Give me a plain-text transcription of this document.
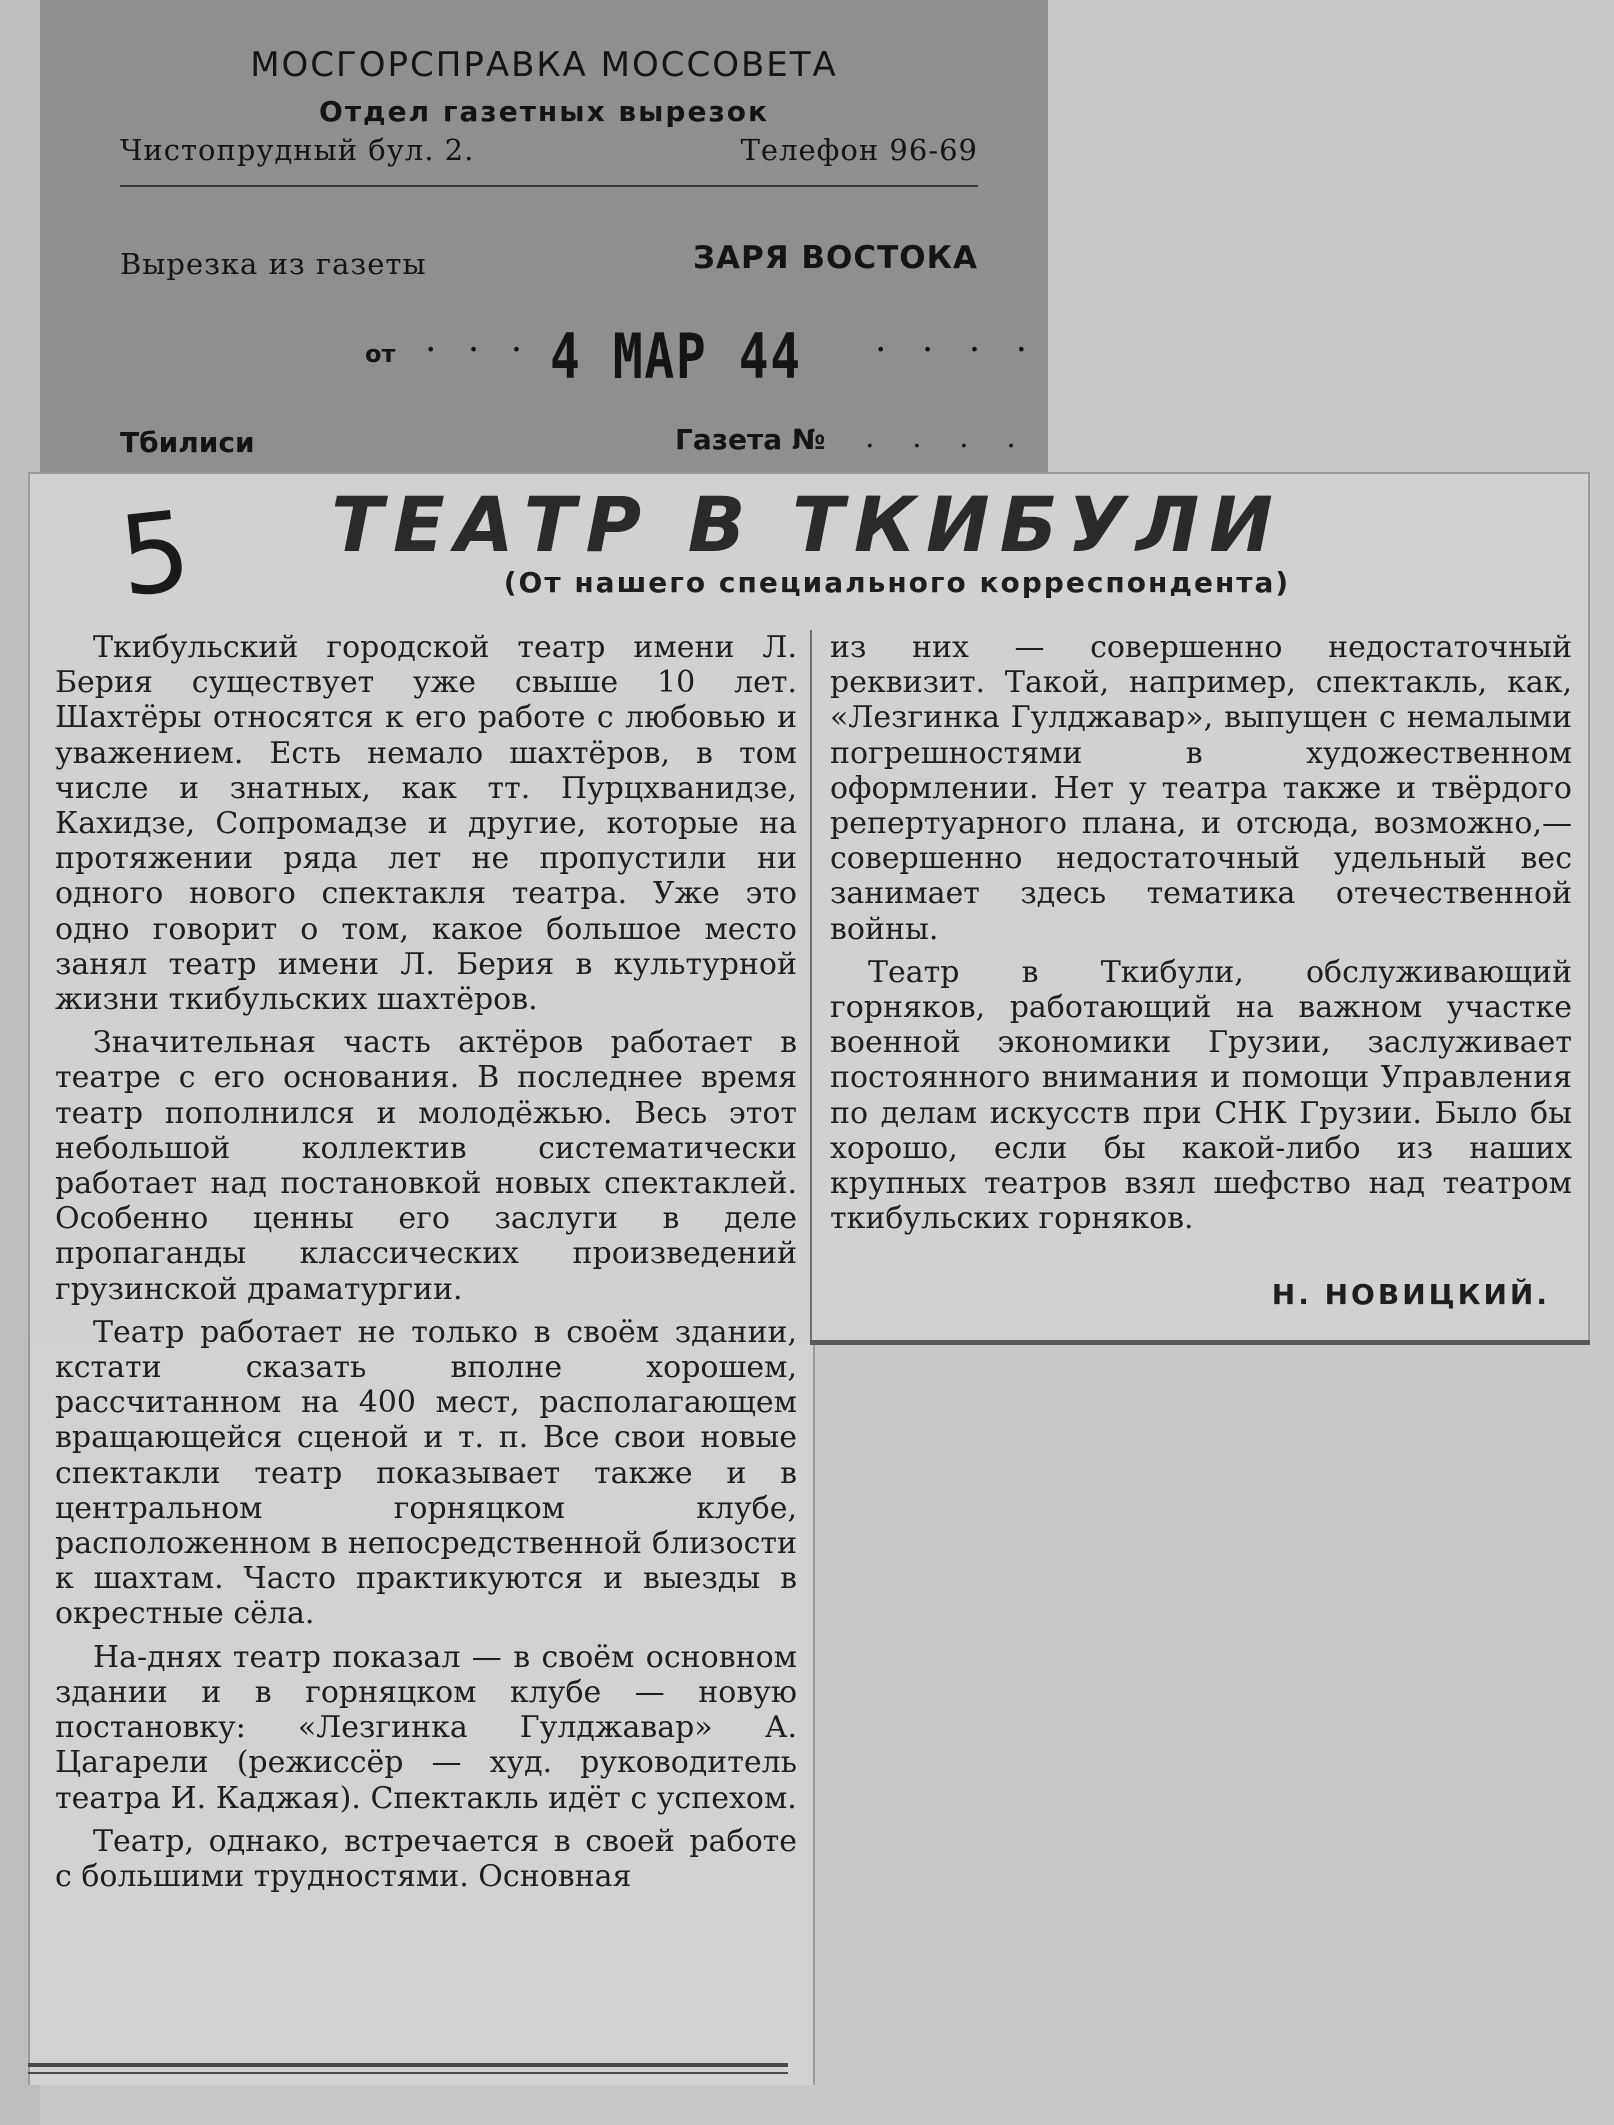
МОСГОРСПРАВКА МОССОВЕТА
Отдел газетных вырезок
Чистопрудный бул. 2.	Телефон 96-69
Вырезка из газеты	ЗАРЯ ВОСТОКА
от · · · 4 МАР 44 · · · ·
Тбилиси	Газета № . . . .
5	ТЕАТР В ТКИБУЛИ
(От нашего специального корреспондента)

Ткибульский городской театр имени Л. Берия существует уже свыше 10 лет. Шахтёры относятся к его работе с любовью и уважением. Есть немало шахтёров, в том числе и знатных, как тт. Пурцхванидзе, Кахидзе, Сопромадзе и другие, которые на протяжении ряда лет не пропустили ни одного нового спектакля театра. Уже это одно говорит о том, какое большое место занял театр имени Л. Берия в культурной жизни ткибульских шахтёров.

Значительная часть актёров работает в театре с его основания. В последнее время театр пополнился и молодёжью. Весь этот небольшой коллектив систематически работает над постановкой новых спектаклей. Особенно ценны его заслуги в деле пропаганды классических произведений грузинской драматургии.

Театр работает не только в своём здании, кстати сказать вполне хорошем, рассчитанном на 400 мест, располагающем вращающейся сценой и т. п. Все свои новые спектакли театр показывает также и в центральном горняцком клубе, расположенном в непосредственной близости к шахтам. Часто практикуются и выезды в окрестные сёла.

На-днях театр показал — в своём основном здании и в горняцком клубе — новую постановку: «Лезгинка Гулджавар» А. Цагарели (режиссёр — худ. руководитель театра И. Каджая). Спектакль идёт с успехом.

Театр, однако, встречается в своей работе с большими трудностями. Основная

из них — совершенно недостаточный реквизит. Такой, например, спектакль, как, «Лезгинка Гулджавар», выпущен с немалыми погрешностями в художественном оформлении. Нет у театра также и твёрдого репертуарного плана, и отсюда, возможно,—совершенно недостаточный удельный вес занимает здесь тематика отечественной войны.

Театр в Ткибули, обслуживающий горняков, работающий на важном участке военной экономики Грузии, заслуживает постоянного внимания и помощи Управления по делам искусств при СНК Грузии. Было бы хорошо, если бы какой-либо из наших крупных театров взял шефство над театром ткибульских горняков.

Н. НОВИЦКИЙ.
